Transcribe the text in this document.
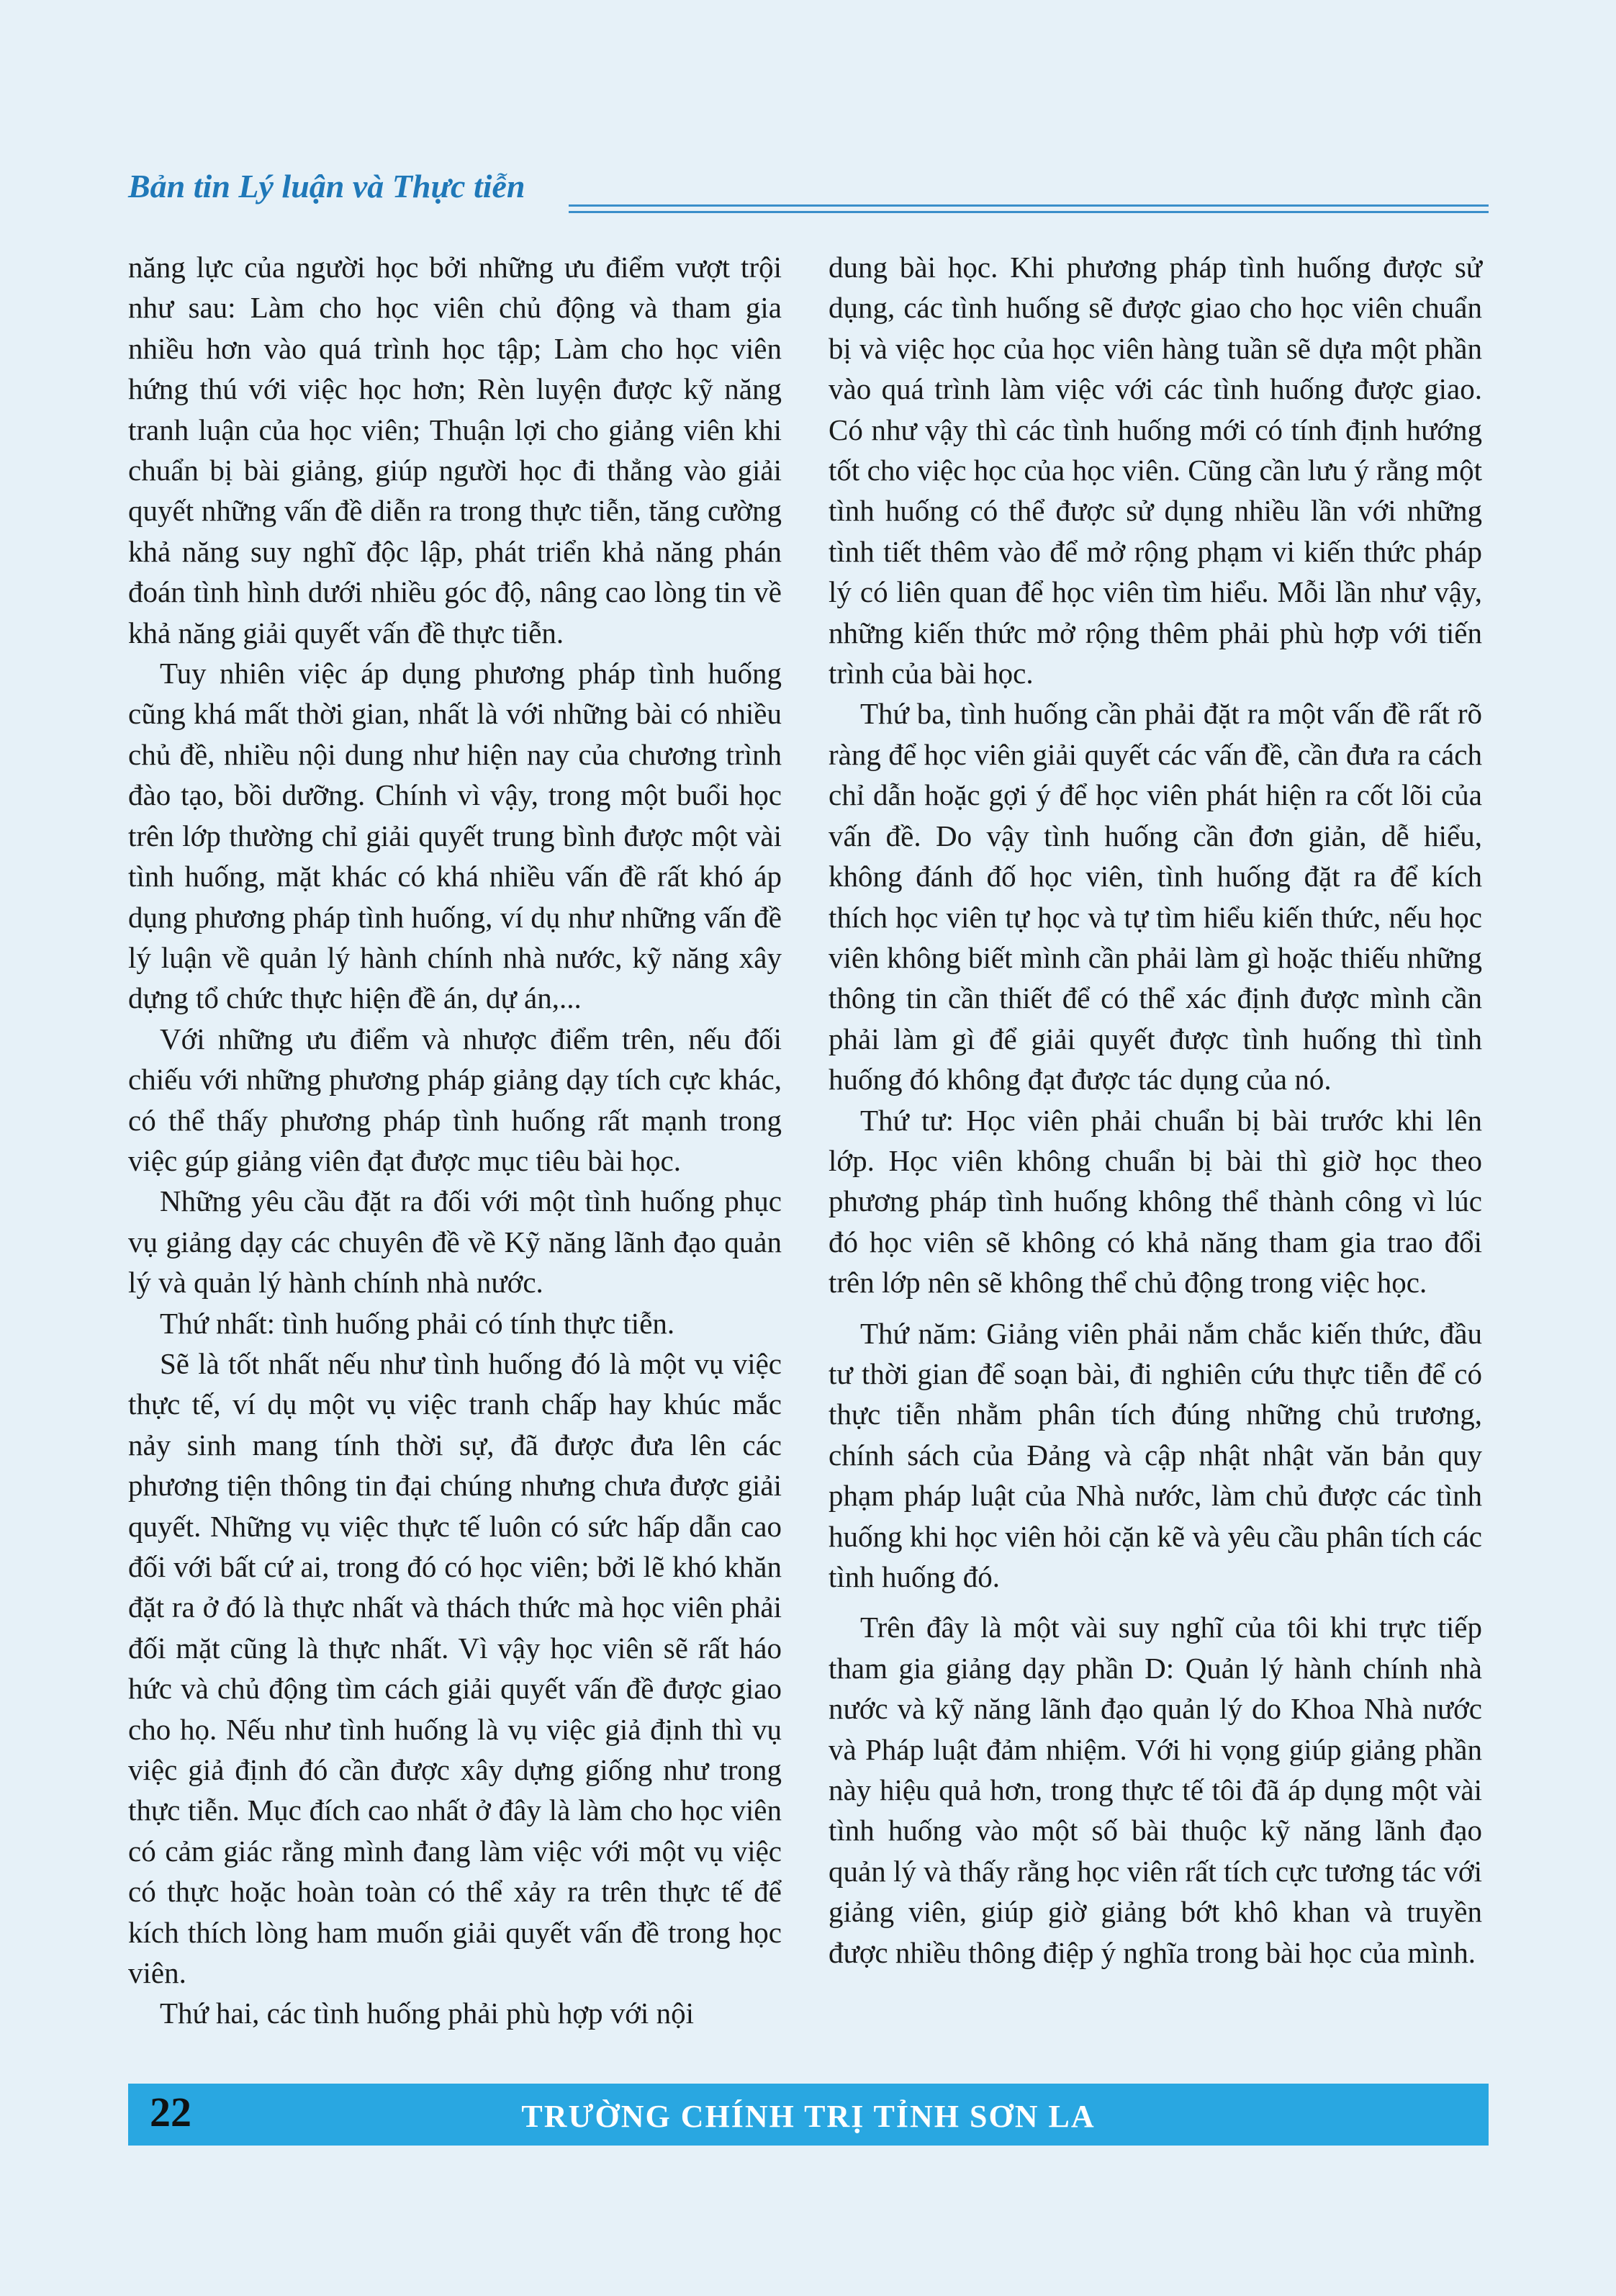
Bản tin Lý luận và Thực tiễn

năng lực của người học bởi những ưu điểm vượt trội như sau: Làm cho học viên chủ động và tham gia nhiều hơn vào quá trình học tập; Làm cho học viên hứng thú với việc học hơn; Rèn luyện được kỹ năng tranh luận của học viên; Thuận lợi cho giảng viên khi chuẩn bị bài giảng, giúp người học đi thẳng vào giải quyết những vấn đề diễn ra trong thực tiễn, tăng cường khả năng suy nghĩ độc lập, phát triển khả năng phán đoán tình hình dưới nhiều góc độ, nâng cao lòng tin về khả năng giải quyết vấn đề thực tiễn.

Tuy nhiên việc áp dụng phương pháp tình huống cũng khá mất thời gian, nhất là với những bài có nhiều chủ đề, nhiều nội dung như hiện nay của chương trình đào tạo, bồi dưỡng. Chính vì vậy, trong một buổi học trên lớp thường chỉ giải quyết trung bình được một vài tình huống, mặt khác có khá nhiều vấn đề rất khó áp dụng phương pháp tình huống, ví dụ như những vấn đề lý luận về quản lý hành chính nhà nước, kỹ năng xây dựng tổ chức thực hiện đề án, dự án,...

Với những ưu điểm và nhược điểm trên, nếu đối chiếu với những phương pháp giảng dạy tích cực khác, có thể thấy phương pháp tình huống rất mạnh trong việc gúp giảng viên đạt được mục tiêu bài học.

Những yêu cầu đặt ra đối với một tình huống phục vụ giảng dạy các chuyên đề về Kỹ năng lãnh đạo quản lý và quản lý hành chính nhà nước.

Thứ nhất: tình huống phải có tính thực tiễn.

Sẽ là tốt nhất nếu như tình huống đó là một vụ việc thực tế, ví dụ một vụ việc tranh chấp hay khúc mắc nảy sinh mang tính thời sự, đã được đưa lên các phương tiện thông tin đại chúng nhưng chưa được giải quyết. Những vụ việc thực tế luôn có sức hấp dẫn cao đối với bất cứ ai, trong đó có học viên; bởi lẽ khó khăn đặt ra ở đó là thực nhất và thách thức mà học viên phải đối mặt cũng là thực nhất. Vì vậy học viên sẽ rất háo hức và chủ động tìm cách giải quyết vấn đề được giao cho họ. Nếu như tình huống là vụ việc giả định thì vụ việc giả định đó cần được xây dựng giống như trong thực tiễn. Mục đích cao nhất ở đây là làm cho học viên có cảm giác rằng mình đang làm việc với một vụ việc có thực hoặc hoàn toàn có thể xảy ra trên thực tế để kích thích lòng ham muốn giải quyết vấn đề trong học viên.

Thứ hai, các tình huống phải phù hợp với nội

dung bài học. Khi phương pháp tình huống được sử dụng, các tình huống sẽ được giao cho học viên chuẩn bị và việc học của học viên hàng tuần sẽ dựa một phần vào quá trình làm việc với các tình huống được giao. Có như vậy thì các tình huống mới có tính định hướng tốt cho việc học của học viên. Cũng cần lưu ý rằng một tình huống có thể được sử dụng nhiều lần với những tình tiết thêm vào để mở rộng phạm vi kiến thức pháp lý có liên quan để học viên tìm hiểu. Mỗi lần như vậy, những kiến thức mở rộng thêm phải phù hợp với tiến trình của bài học.

Thứ ba, tình huống cần phải đặt ra một vấn đề rất rõ ràng để học viên giải quyết các vấn đề, cần đưa ra cách chỉ dẫn hoặc gợi ý để học viên phát hiện ra cốt lõi của vấn đề. Do vậy tình huống cần đơn giản, dễ hiểu, không đánh đố học viên, tình huống đặt ra để kích thích học viên tự học và tự tìm hiểu kiến thức, nếu học viên không biết mình cần phải làm gì hoặc thiếu những thông tin cần thiết để có thể xác định được mình cần phải làm gì để giải quyết được tình huống thì tình huống đó không đạt được tác dụng của nó.

Thứ tư: Học viên phải chuẩn bị bài trước khi lên lớp. Học viên không chuẩn bị bài thì giờ học theo phương pháp tình huống không thể thành công vì lúc đó học viên sẽ không có khả năng tham gia trao đổi trên lớp nên sẽ không thể chủ động trong việc học.

Thứ năm: Giảng viên phải nắm chắc kiến thức, đầu tư thời gian để soạn bài, đi nghiên cứu thực tiễn để có thực tiễn nhằm phân tích đúng những chủ trương, chính sách của Đảng và cập nhật nhật văn bản quy phạm pháp luật của Nhà nước, làm chủ được các tình huống khi học viên hỏi cặn kẽ và yêu cầu phân tích các tình huống đó.

Trên đây là một vài suy nghĩ của tôi khi trực tiếp tham gia giảng dạy phần D: Quản lý hành chính nhà nước và kỹ năng lãnh đạo quản lý do Khoa Nhà nước và Pháp luật đảm nhiệm. Với hi vọng giúp giảng phần này hiệu quả hơn, trong thực tế tôi đã áp dụng một vài tình huống vào một số bài thuộc kỹ năng lãnh đạo quản lý và thấy rằng học viên rất tích cực tương tác với giảng viên, giúp giờ giảng bớt khô khan và truyền được nhiều thông điệp ý nghĩa trong bài học của mình.

22	TRƯỜNG CHÍNH TRỊ TỈNH SƠN LA
